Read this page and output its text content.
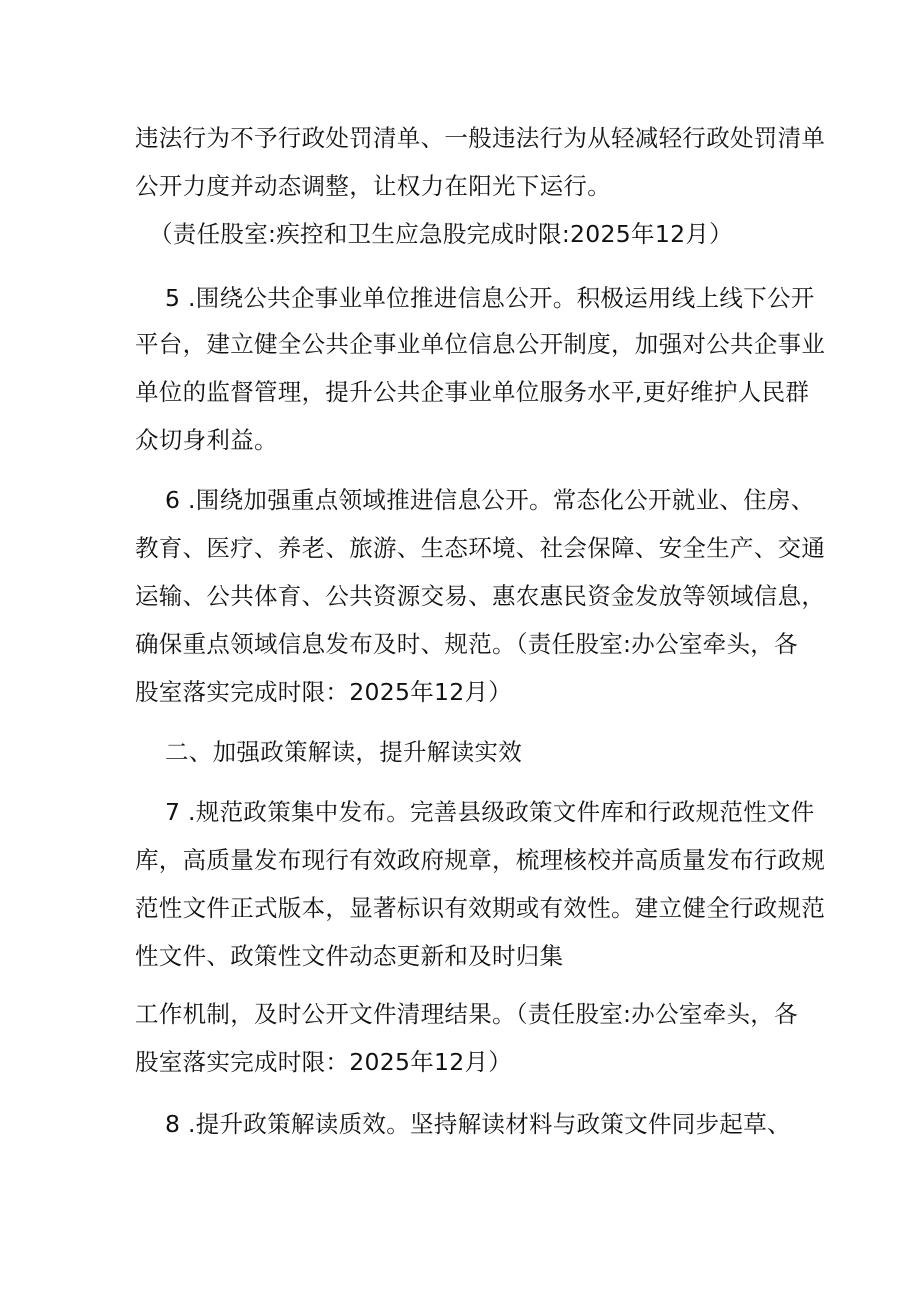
违法行为不予行政处罚清单、一般违法行为从轻减轻行政处罚清单
公开力度并动态调整，让权力在阳光下运行。
（责任股室:疾控和卫生应急股完成时限:2025年12月）
5 .围绕公共企事业单位推进信息公开。积极运用线上线下公开
平台，建立健全公共企事业单位信息公开制度，加强对公共企事业
单位的监督管理，提升公共企事业单位服务水平,更好维护人民群
众切身利益。
6 .围绕加强重点领域推进信息公开。常态化公开就业、住房、
教育、医疗、养老、旅游、生态环境、社会保障、安全生产、交通
运输、公共体育、公共资源交易、惠农惠民资金发放等领域信息，
确保重点领域信息发布及时、规范。（责任股室:办公室牵头，各
股室落实完成时限：2025年12月）
二、加强政策解读，提升解读实效
7 .规范政策集中发布。完善县级政策文件库和行政规范性文件
库，高质量发布现行有效政府规章，梳理核校并高质量发布行政规
范性文件正式版本，显著标识有效期或有效性。建立健全行政规范
性文件、政策性文件动态更新和及时归集
工作机制，及时公开文件清理结果。（责任股室:办公室牵头，各
股室落实完成时限：2025年12月）
8 .提升政策解读质效。坚持解读材料与政策文件同步起草、
